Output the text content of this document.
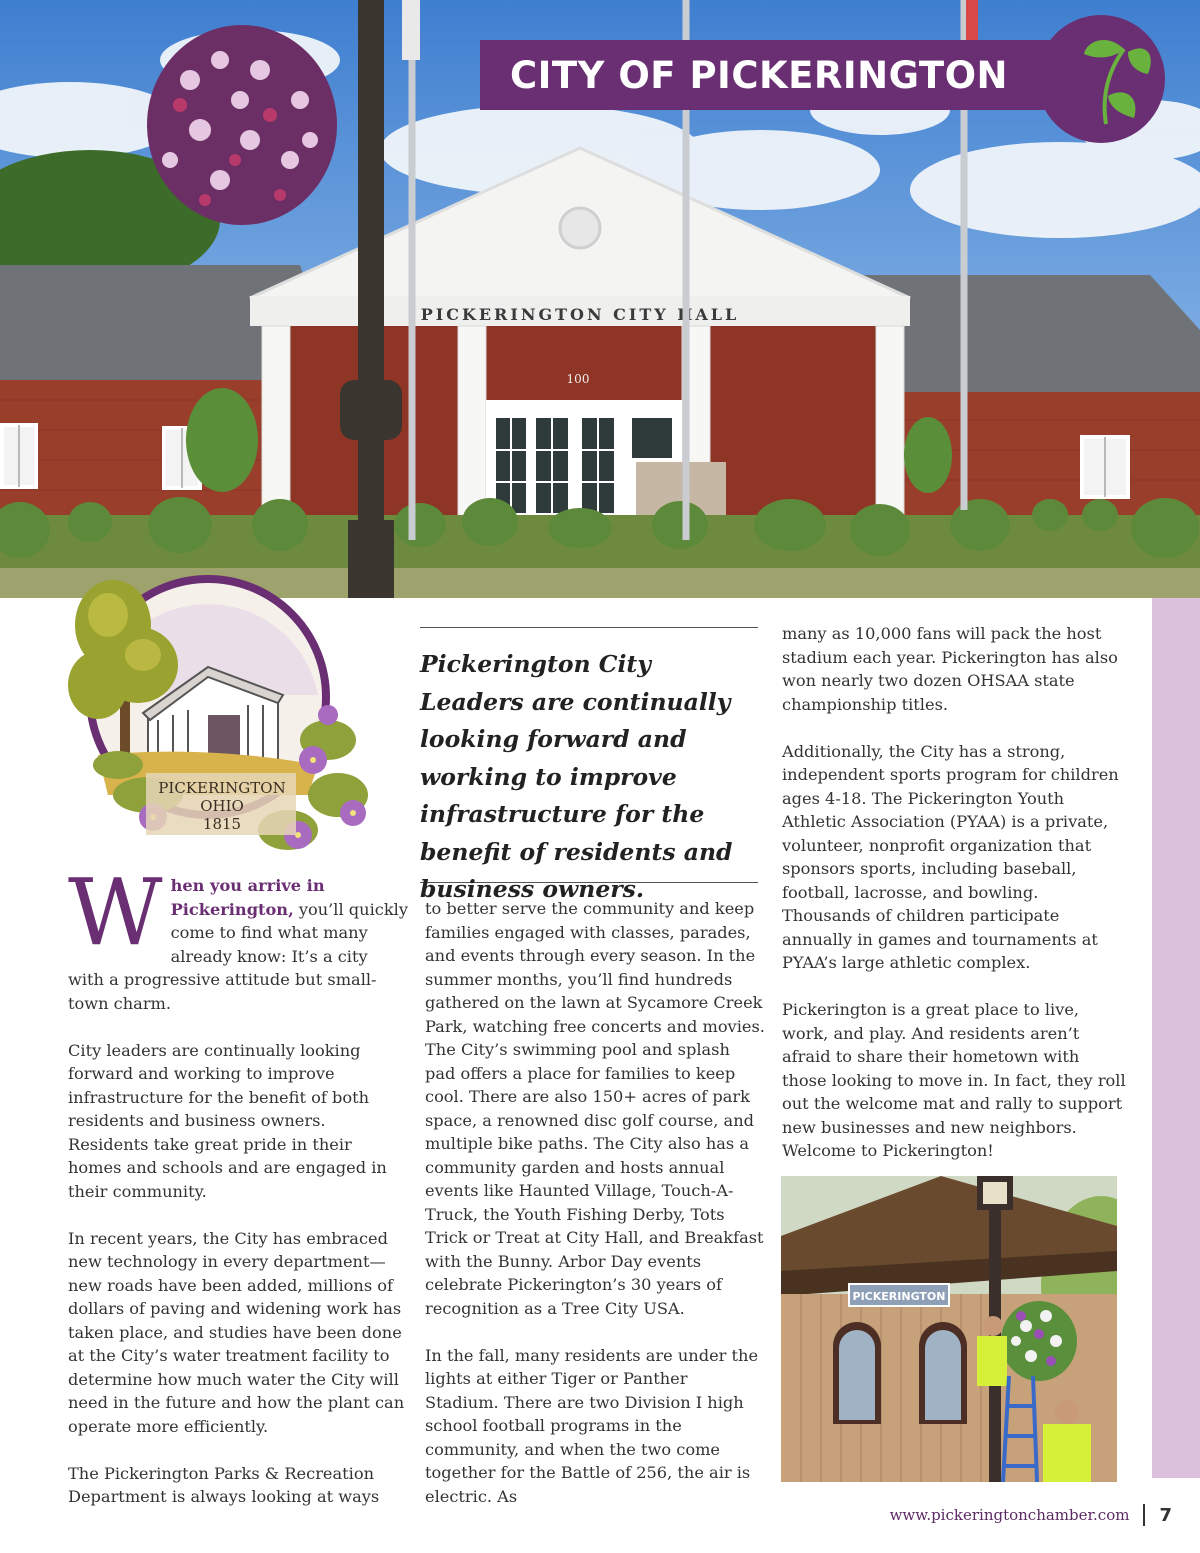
PICKERINGTON CITY HALL
100
CITY OF PICKERINGTON
PICKERINGTON
OHIO
1815

Pickerington City Leaders are continually looking forward and working to improve infrastructure for the benefit of residents and business owners.

When you arrive in Pickerington, you’ll quickly come to find what many already know: It’s a city with a progressive attitude but small-town charm.

City leaders are continually looking forward and working to improve infrastructure for the benefit of both residents and business owners. Residents take great pride in their homes and schools and are engaged in their community.

In recent years, the City has embraced new technology in every department—new roads have been added, millions of dollars of paving and widening work has taken place, and studies have been done at the City’s water treatment facility to determine how much water the City will need in the future and how the plant can operate more efficiently.

The Pickerington Parks & Recreation Department is always looking at ways

to better serve the community and keep families engaged with classes, parades, and events through every season. In the summer months, you’ll find hundreds gathered on the lawn at Sycamore Creek Park, watching free concerts and movies. The City’s swimming pool and splash pad offers a place for families to keep cool. There are also 150+ acres of park space, a renowned disc golf course, and multiple bike paths. The City also has a community garden and hosts annual events like Haunted Village, Touch-A-Truck, the Youth Fishing Derby, Tots Trick or Treat at City Hall, and Breakfast with the Bunny. Arbor Day events celebrate Pickerington’s 30 years of recognition as a Tree City USA.

In the fall, many residents are under the lights at either Tiger or Panther Stadium. There are two Division I high school football programs in the community, and when the two come together for the Battle of 256, the air is electric. As

many as 10,000 fans will pack the host stadium each year. Pickerington has also won nearly two dozen OHSAA state championship titles.

Additionally, the City has a strong, independent sports program for children ages 4-18. The Pickerington Youth Athletic Association (PYAA) is a private, volunteer, nonprofit organization that sponsors sports, including baseball, football, lacrosse, and bowling. Thousands of children participate annually in games and tournaments at PYAA’s large athletic complex.

Pickerington is a great place to live, work, and play. And residents aren’t afraid to share their hometown with those looking to move in. In fact, they roll out the welcome mat and rally to support new businesses and new neighbors. Welcome to Pickerington!

PICKERINGTON
www.pickeringtonchamber.com 7
